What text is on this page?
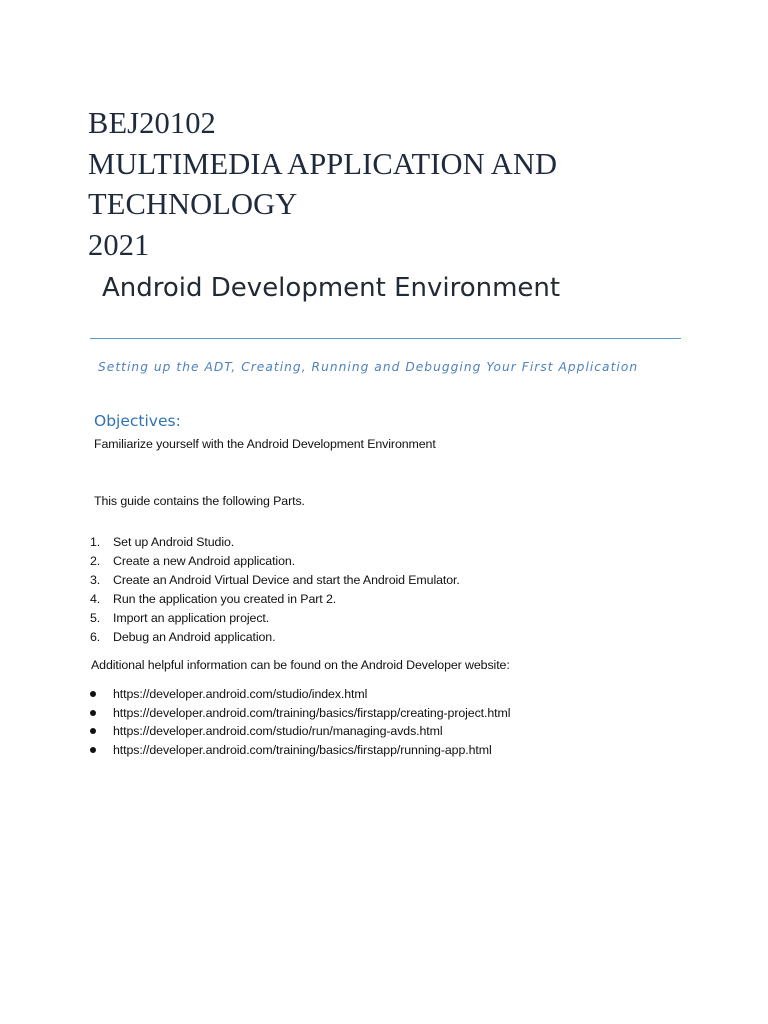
BEJ20102
MULTIMEDIA APPLICATION AND
TECHNOLOGY
2021
Android Development Environment
Setting up the ADT, Creating, Running and Debugging Your First Application
Objectives:
Familiarize yourself with the Android Development Environment
This guide contains the following Parts.
1. Set up Android Studio.
2. Create a new Android application.
3. Create an Android Virtual Device and start the Android Emulator.
4. Run the application you created in Part 2.
5. Import an application project.
6. Debug an Android application.
Additional helpful information can be found on the Android Developer website:
https://developer.android.com/studio/index.html
https://developer.android.com/training/basics/firstapp/creating-project.html
https://developer.android.com/studio/run/managing-avds.html
https://developer.android.com/training/basics/firstapp/running-app.html
